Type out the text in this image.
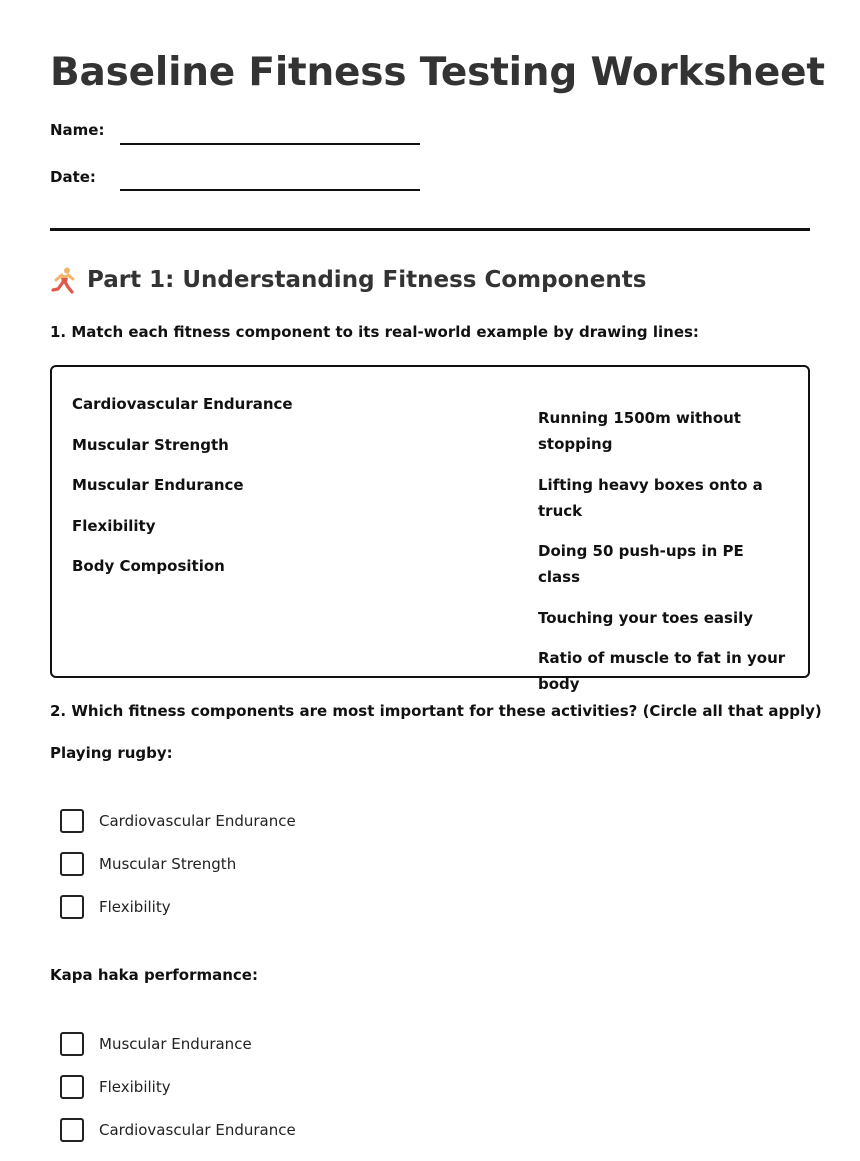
Baseline Fitness Testing Worksheet
Name:
Date:
Part 1: Understanding Fitness Components
1. Match each fitness component to its real-world example by drawing lines:

Cardiovascular Endurance

Muscular Strength

Muscular Endurance

Flexibility

Body Composition

Running 1500m without stopping

Lifting heavy boxes onto a truck

Doing 50 push-ups in PE class

Touching your toes easily

Ratio of muscle to fat in your body

2. Which fitness components are most important for these activities? (Circle all that apply)
Playing rugby:
Cardiovascular Endurance
Muscular Strength
Flexibility
Kapa haka performance:
Muscular Endurance
Flexibility
Cardiovascular Endurance
